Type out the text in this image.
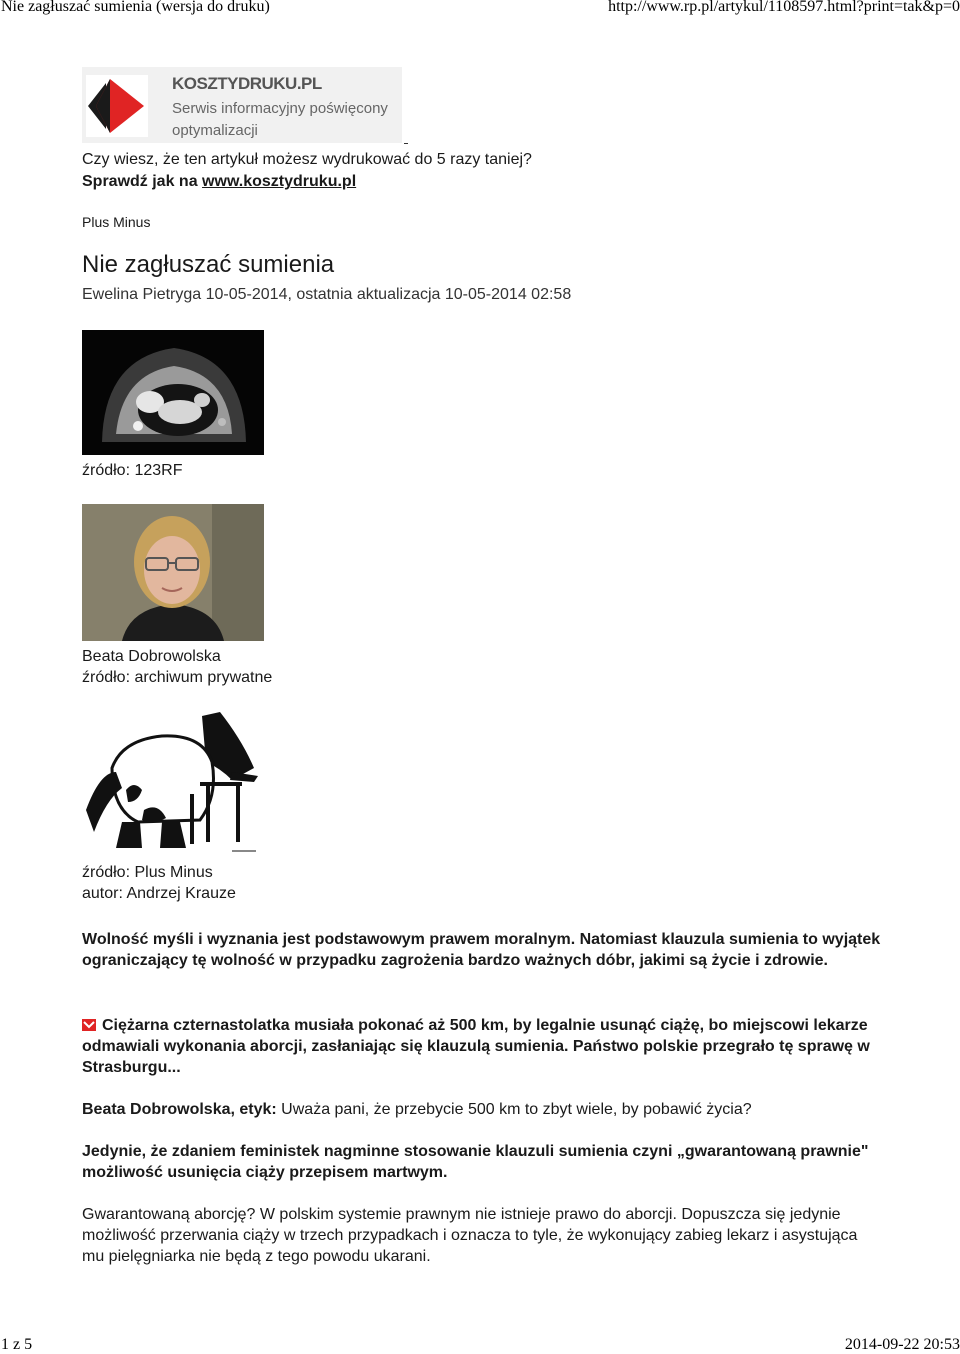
Nie zagłuszać sumienia (wersja do druku)	http://www.rp.pl/artykul/1108597.html?print=tak&p=0
KOSZTYDRUKU.PL
Serwis informacyjny poświęcony optymalizacji
Czy wiesz, że ten artykuł możesz wydrukować do 5 razy taniej?
Sprawdź jak na www.kosztydruku.pl
Plus Minus
Nie zagłuszać sumienia
Ewelina Pietryga 10-05-2014, ostatnia aktualizacja 10-05-2014 02:58
źródło: 123RF
Beata Dobrowolska
źródło: archiwum prywatne
źródło: Plus Minus
autor: Andrzej Krauze

Wolność myśli i wyznania jest podstawowym prawem moralnym. Natomiast klauzula sumienia to wyjątek ograniczający tę wolność w przypadku zagrożenia bardzo ważnych dóbr, jakimi są życie i zdrowie.

Ciężarna czternastolatka musiała pokonać aż 500 km, by legalnie usunąć ciążę, bo miejscowi lekarze odmawiali wykonania aborcji, zasłaniając się klauzulą sumienia. Państwo polskie przegrało tę sprawę w Strasburgu...

Beata Dobrowolska, etyk: Uważa pani, że przebycie 500 km to zbyt wiele, by pobawić życia?

Jedynie, że zdaniem feministek nagminne stosowanie klauzuli sumienia czyni „gwarantowaną prawnie" możliwość usunięcia ciąży przepisem martwym.

Gwarantowaną aborcję? W polskim systemie prawnym nie istnieje prawo do aborcji. Dopuszcza się jedynie możliwość przerwania ciąży w trzech przypadkach i oznacza to tyle, że wykonujący zabieg lekarz i asystująca mu pielęgniarka nie będą z tego powodu ukarani.

1 z 5	2014-09-22 20:53
